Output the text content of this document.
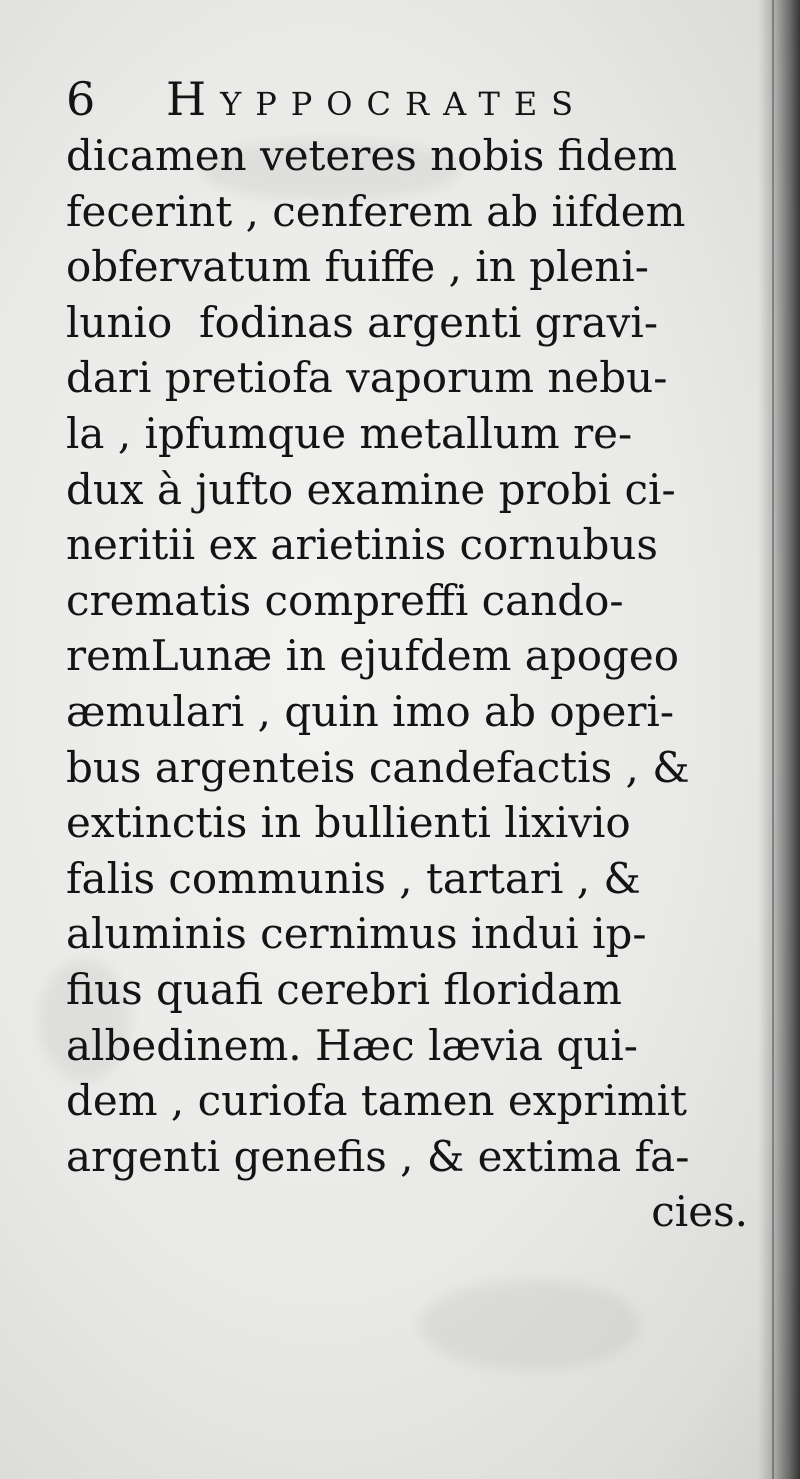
6 Hyppocrates
dicamen veteres nobis fidem
fecerint , cenferem ab iifdem
obfervatum fuiffe , in pleni-
lunio  fodinas argenti gravi-
dari pretiofa vaporum nebu-
la , ipfumque metallum re-
dux à jufto examine probi ci-
neritii ex arietinis cornubus
crematis compreffi cando-
remLunæ in ejufdem apogeo
æmulari , quin imo ab operi-
bus argenteis candefactis , &
extinctis in bullienti lixivio
falis communis , tartari , &
aluminis cernimus indui ip-
fius quafi cerebri floridam
albedinem. Hæc lævia qui-
dem , curiofa tamen exprimit
argenti genefis , & extima fa-
cies.
